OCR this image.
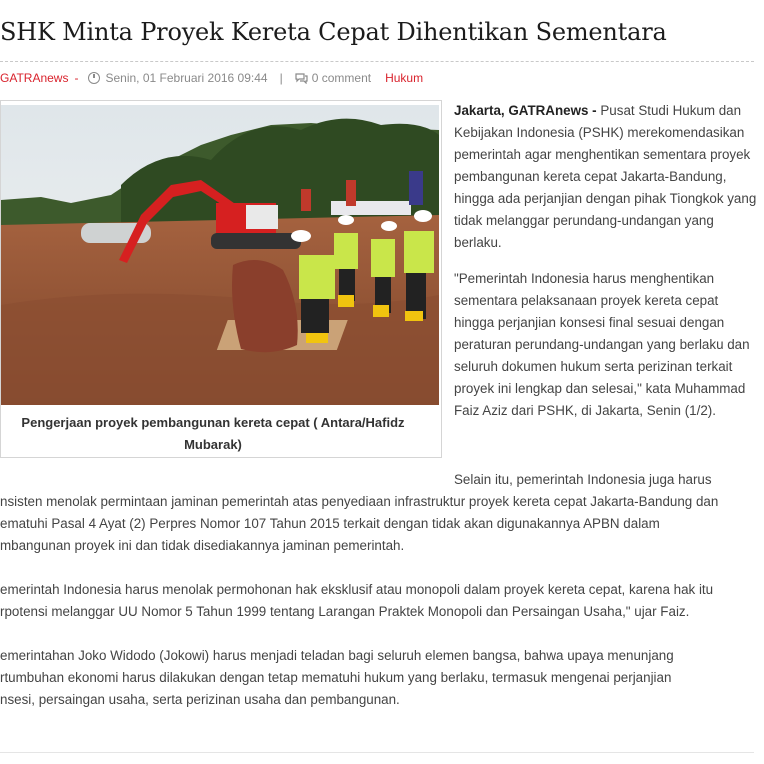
SHK Minta Proyek Kereta Cepat Dihentikan Sementara
GATRAnews - Senin, 01 Februari 2016 09:44 | 0 comment Hukum
Pengerjaan proyek pembangunan kereta cepat ( Antara/Hafidz Mubarak)

Jakarta, GATRAnews - Pusat Studi Hukum dan Kebijakan Indonesia (PSHK) merekomendasikan pemerintah agar menghentikan sementara proyek pembangunan kereta cepat Jakarta-Bandung, hingga ada perjanjian dengan pihak Tiongkok yang tidak melanggar perundang-undangan yang berlaku.

"Pemerintah Indonesia harus menghentikan sementara pelaksanaan proyek kereta cepat hingga perjanjian konsesi final sesuai dengan peraturan perundang-undangan yang berlaku dan seluruh dokumen hukum serta perizinan terkait proyek ini lengkap dan selesai," kata Muhammad Faiz Aziz dari PSHK, di Jakarta, Senin (1/2).

Selain itu, pemerintah Indonesia juga harus
nsisten menolak permintaan jaminan pemerintah atas penyediaan infrastruktur proyek kereta cepat Jakarta-Bandung dan
ematuhi Pasal 4 Ayat (2) Perpres Nomor 107 Tahun 2015 terkait dengan tidak akan digunakannya APBN dalam
mbangunan proyek ini dan tidak disediakannya jaminan pemerintah.
emerintah Indonesia harus menolak permohonan hak eksklusif atau monopoli dalam proyek kereta cepat, karena hak itu
rpotensi melanggar UU Nomor 5 Tahun 1999 tentang Larangan Praktek Monopoli dan Persaingan Usaha," ujar Faiz.
emerintahan Joko Widodo (Jokowi) harus menjadi teladan bagi seluruh elemen bangsa, bahwa upaya menunjang
rtumbuhan ekonomi harus dilakukan dengan tetap mematuhi hukum yang berlaku, termasuk mengenai perjanjian
nsesi, persaingan usaha, serta perizinan usaha dan pembangunan.
